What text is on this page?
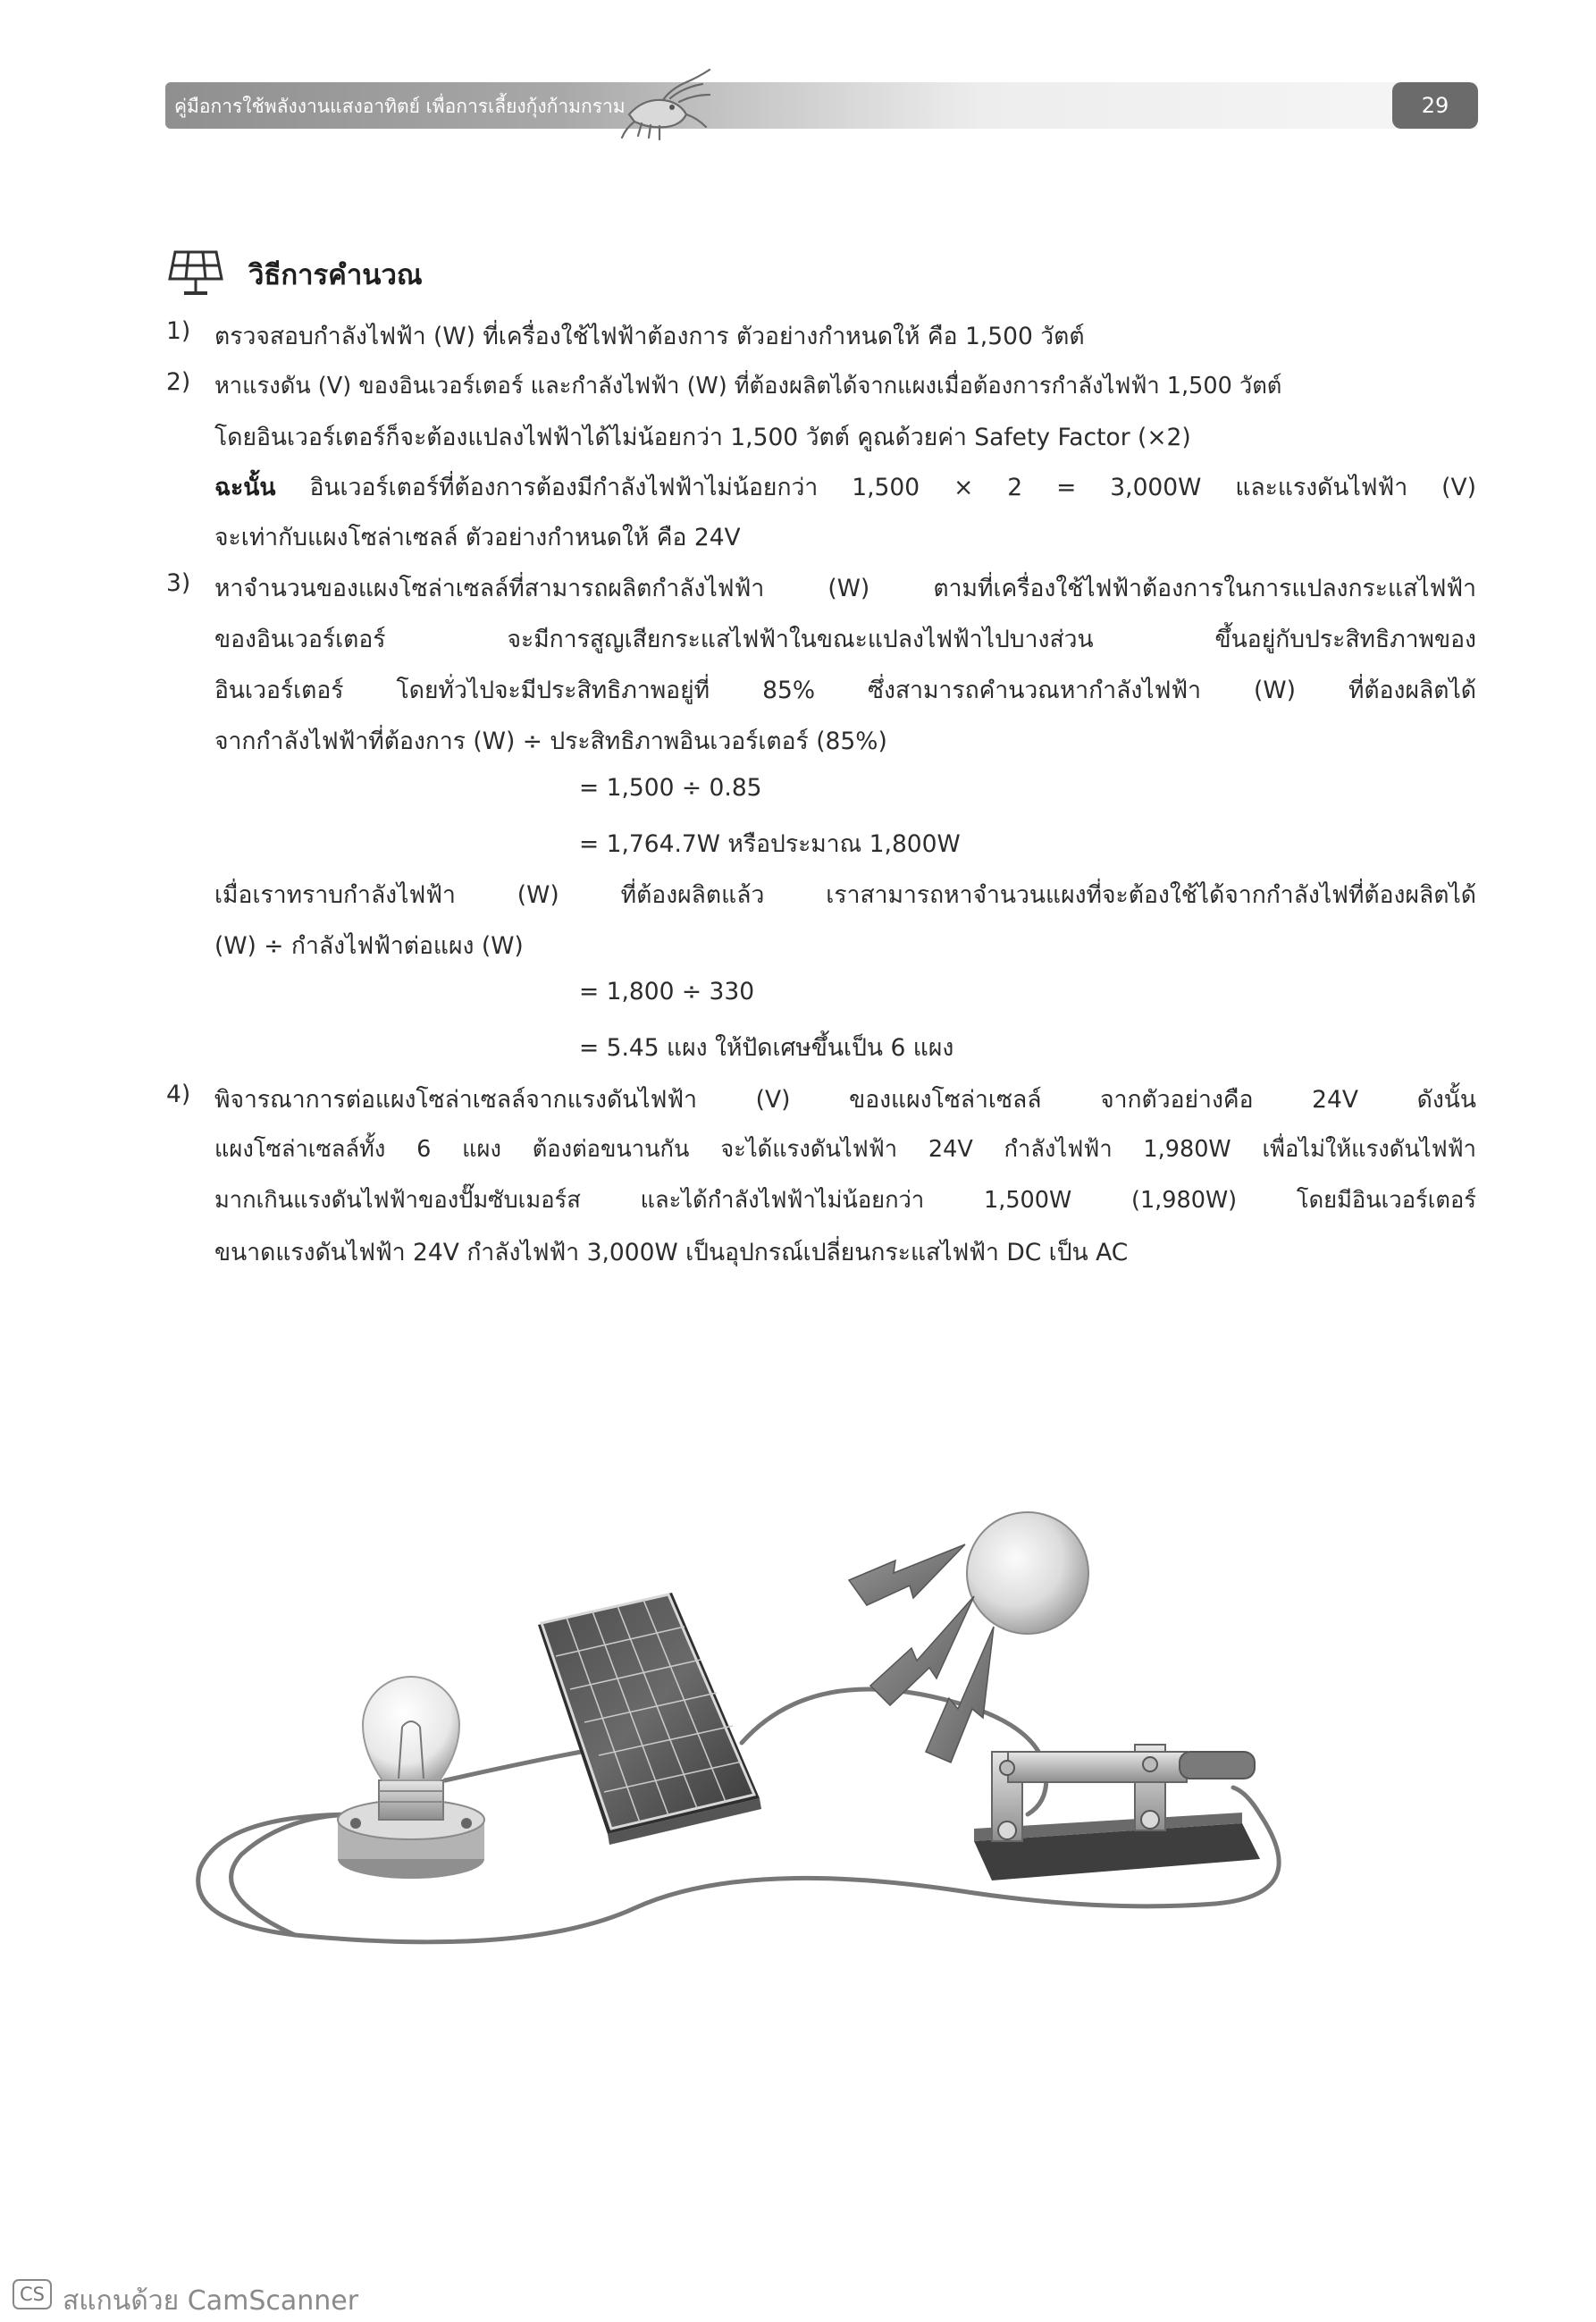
คู่มือการใช้พลังงานแสงอาทิตย์ เพื่อการเลี้ยงกุ้งก้ามกราม	29
วิธีการคำนวณ
1) ตรวจสอบกำลังไฟฟ้า (W) ที่เครื่องใช้ไฟฟ้าต้องการ ตัวอย่างกำหนดให้ คือ 1,500 วัตต์
2) หาแรงดัน (V) ของอินเวอร์เตอร์ และกำลังไฟฟ้า (W) ที่ต้องผลิตได้จากแผงเมื่อต้องการกำลังไฟฟ้า 1,500 วัตต์
โดยอินเวอร์เตอร์ก็จะต้องแปลงไฟฟ้าได้ไม่น้อยกว่า 1,500 วัตต์ คูณด้วยค่า Safety Factor (×2)
ฉะนั้น อินเวอร์เตอร์ที่ต้องการต้องมีกำลังไฟฟ้าไม่น้อยกว่า 1,500 × 2 = 3,000W และแรงดันไฟฟ้า (V)
จะเท่ากับแผงโซล่าเซลล์ ตัวอย่างกำหนดให้ คือ 24V
3) หาจำนวนของแผงโซล่าเซลล์ที่สามารถผลิตกำลังไฟฟ้า (W) ตามที่เครื่องใช้ไฟฟ้าต้องการในการแปลงกระแสไฟฟ้า
ของอินเวอร์เตอร์ จะมีการสูญเสียกระแสไฟฟ้าในขณะแปลงไฟฟ้าไปบางส่วน ขึ้นอยู่กับประสิทธิภาพของ
อินเวอร์เตอร์ โดยทั่วไปจะมีประสิทธิภาพอยู่ที่ 85% ซึ่งสามารถคำนวณหากำลังไฟฟ้า (W) ที่ต้องผลิตได้
จากกำลังไฟฟ้าที่ต้องการ (W) ÷ ประสิทธิภาพอินเวอร์เตอร์ (85%)
= 1,500 ÷ 0.85
= 1,764.7W หรือประมาณ 1,800W
เมื่อเราทราบกำลังไฟฟ้า (W) ที่ต้องผลิตแล้ว เราสามารถหาจำนวนแผงที่จะต้องใช้ได้จากกำลังไฟที่ต้องผลิตได้
(W) ÷ กำลังไฟฟ้าต่อแผง (W)
= 1,800 ÷ 330
= 5.45 แผง ให้ปัดเศษขึ้นเป็น 6 แผง
4) พิจารณาการต่อแผงโซล่าเซลล์จากแรงดันไฟฟ้า (V) ของแผงโซล่าเซลล์ จากตัวอย่างคือ 24V ดังนั้น
แผงโซล่าเซลล์ทั้ง 6 แผง ต้องต่อขนานกัน จะได้แรงดันไฟฟ้า 24V กำลังไฟฟ้า 1,980W เพื่อไม่ให้แรงดันไฟฟ้า
มากเกินแรงดันไฟฟ้าของปั๊มซับเมอร์ส และได้กำลังไฟฟ้าไม่น้อยกว่า 1,500W (1,980W) โดยมีอินเวอร์เตอร์
ขนาดแรงดันไฟฟ้า 24V กำลังไฟฟ้า 3,000W เป็นอุปกรณ์เปลี่ยนกระแสไฟฟ้า DC เป็น AC
CS สแกนด้วย CamScanner
